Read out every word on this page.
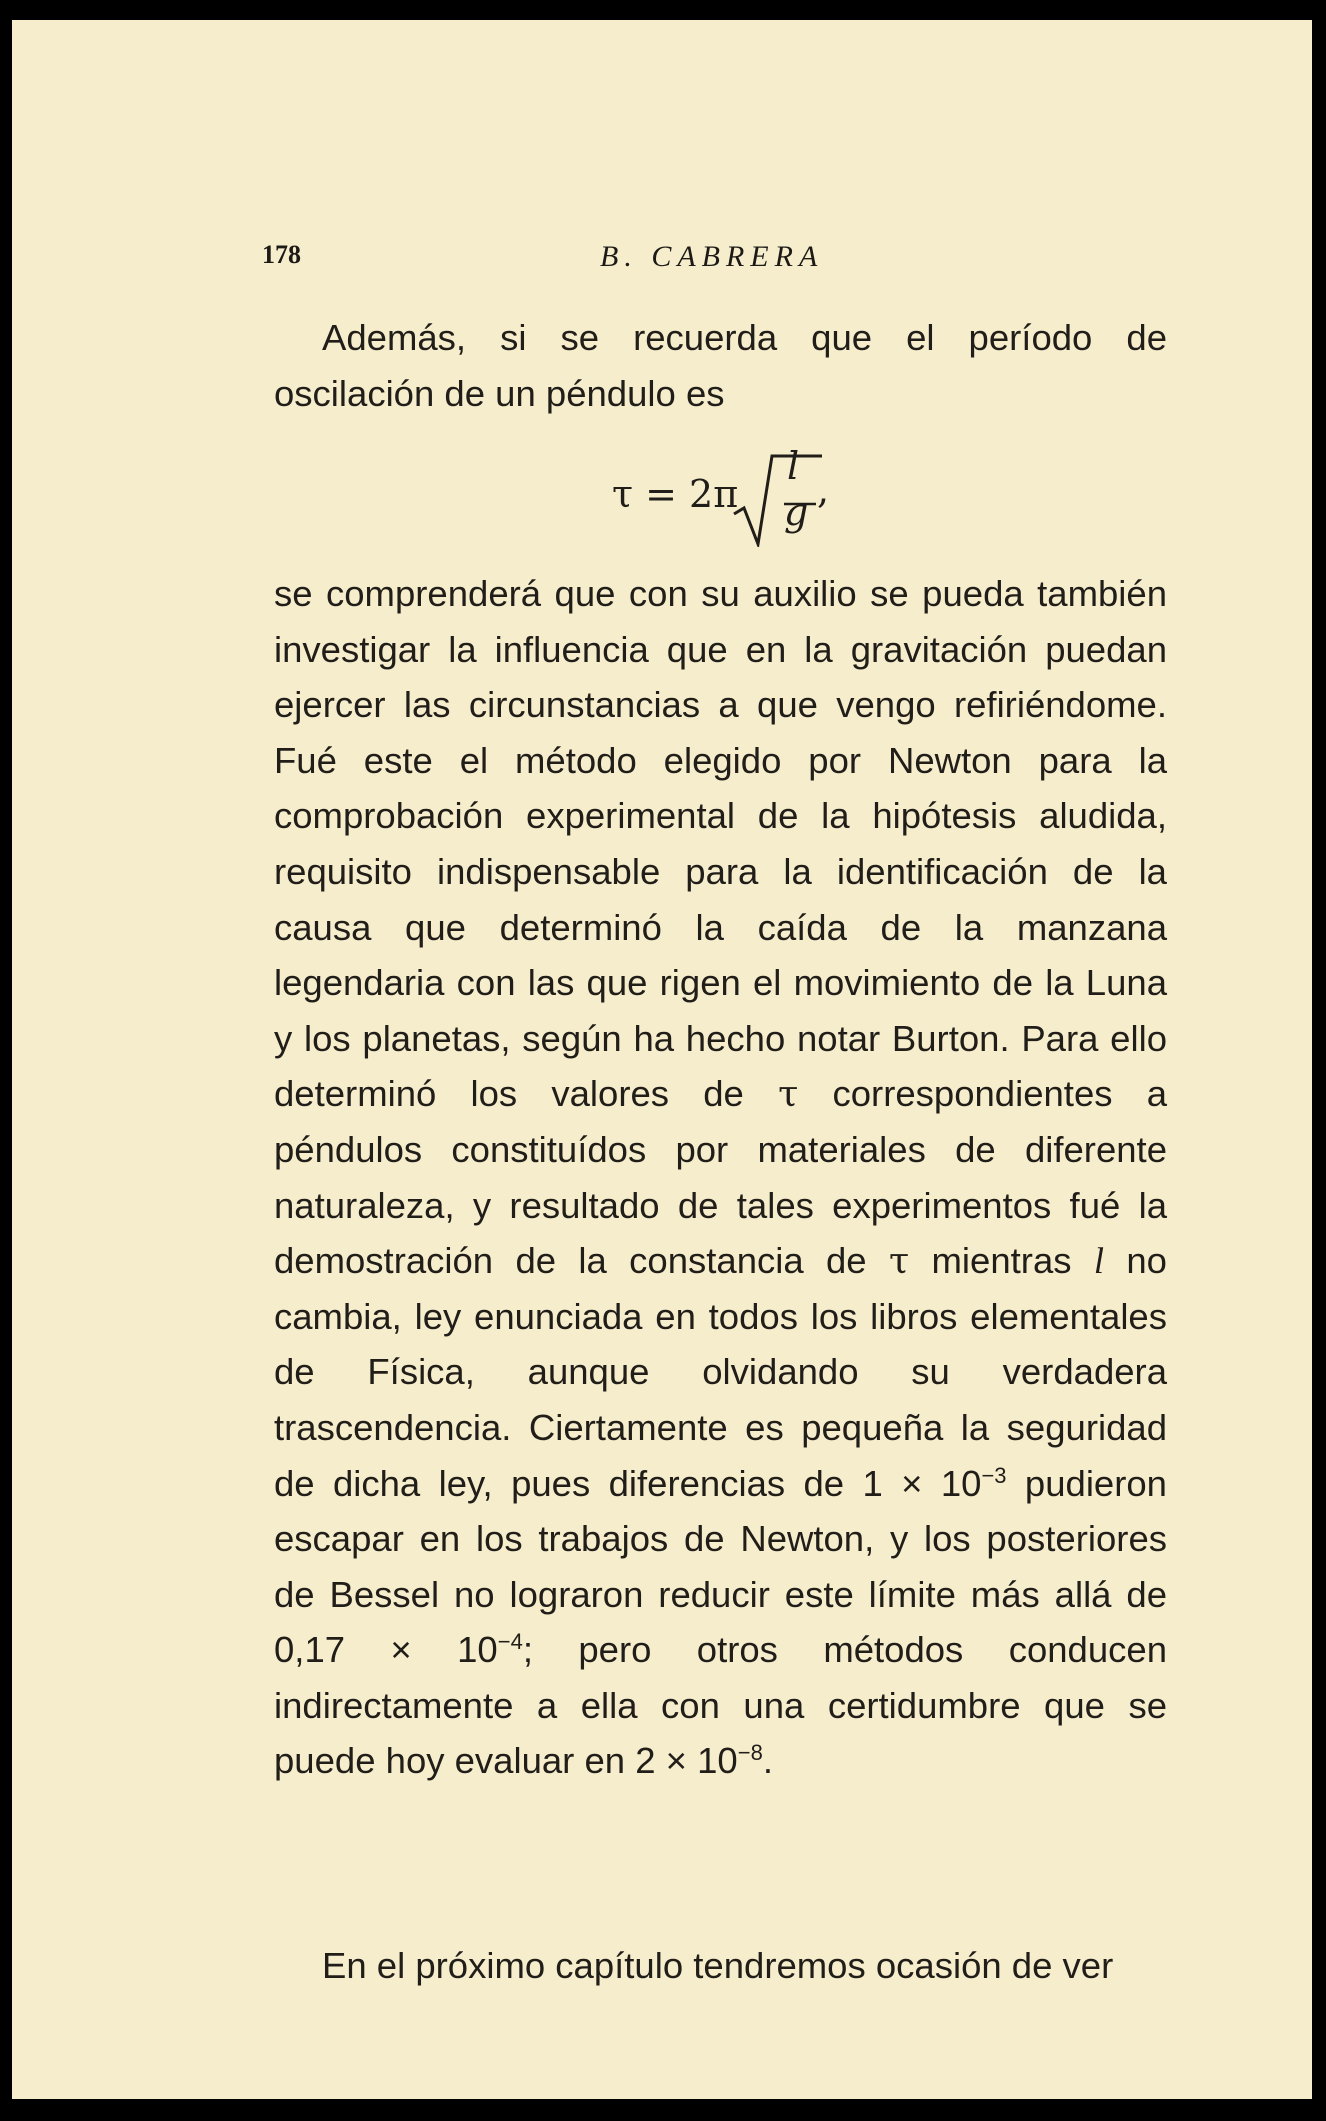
178	B. CABRERA
Además, si se recuerda que el período de oscilación de un péndulo es
τ = 2π
l
g ,
se comprenderá que con su auxilio se pueda también investigar la influencia que en la gravitación puedan ejercer las circunstancias a que vengo refiriéndome. Fué este el método elegido por Newton para la comprobación experimental de la hipótesis aludida, requisito indispensable para la identificación de la causa que determinó la caída de la manzana legendaria con las que rigen el movimiento de la Luna y los planetas, según ha hecho notar Burton. Para ello determinó los valores de τ correspondientes a péndulos constituídos por materiales de diferente naturaleza, y resultado de tales experimentos fué la demostración de la constancia de τ mientras l no cambia, ley enunciada en todos los libros elementales de Física, aunque olvidando su verdadera trascendencia. Ciertamente es pequeña la seguridad de dicha ley, pues diferencias de $1 \times 10^{-3}$ pudieron escapar en los trabajos de Newton, y los posteriores de Bessel no lograron reducir este límite más allá de $0,17 \times 10^{-4}$; pero otros métodos conducen indirectamente a ella con una certidumbre que se puede hoy evaluar en $2 \times 10^{-8}$.
En el próximo capítulo tendremos ocasión de ver
